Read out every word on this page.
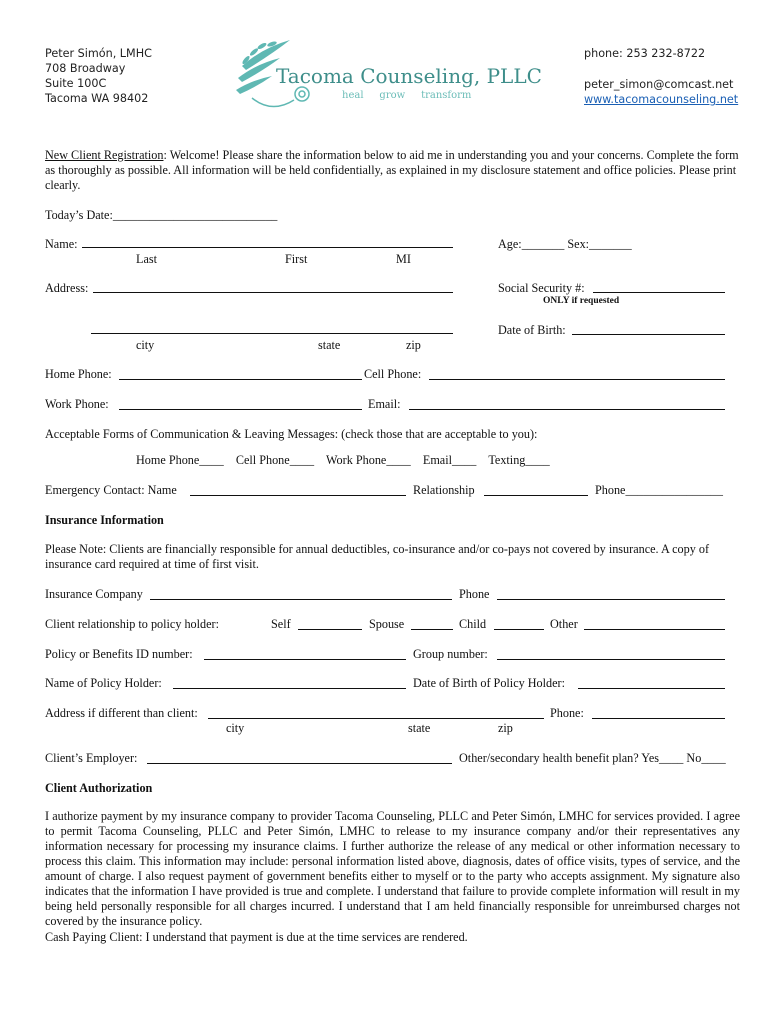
Peter Simón, LMHC
708 Broadway
Suite 100C
Tacoma WA 98402
Tacoma Counseling, PLLC
heal     grow     transform
phone: 253 232-8722
peter_simon@comcast.net
www.tacomacounseling.net
New Client Registration: Welcome! Please share the information below to aid me in understanding you and your concerns. Complete the form as thoroughly as possible. All information will be held confidentially, as explained in my disclosure statement and office policies. Please print clearly.
Today’s Date:___________________________
Name:
Last	First	MI
Age:_______ Sex:_______
Address:	Social Security #:
ONLY if requested
Date of Birth:
city	state	zip
Home Phone:	Cell Phone:
Work Phone:	Email:
Acceptable Forms of Communication & Leaving Messages: (check those that are acceptable to you):
Home Phone____    Cell Phone____    Work Phone____    Email____    Texting____
Emergency Contact: Name	Relationship	Phone________________
Insurance Information
Please Note: Clients are financially responsible for annual deductibles, co-insurance and/or co-pays not covered by insurance. A copy of insurance card required at time of first visit.
Insurance Company	Phone
Client relationship to policy holder:	Self	Spouse	Child	Other
Policy or Benefits ID number:	Group number:
Name of Policy Holder:	Date of Birth of Policy Holder:
Address if different than client:	Phone:
city	state	zip
Client’s Employer:	Other/secondary health benefit plan? Yes____ No____
Client Authorization
I authorize payment by my insurance company to provider Tacoma Counseling, PLLC and Peter Simón, LMHC for services provided. I agree to permit Tacoma Counseling, PLLC and Peter Simón, LMHC to release to my insurance company and/or their representatives any information necessary for processing my insurance claims. I further authorize the release of any medical or other information necessary to process this claim. This information may include: personal information listed above, diagnosis, dates of office visits, types of service, and the amount of charge. I also request payment of government benefits either to myself or to the party who accepts assignment. My signature also indicates that the information I have provided is true and complete. I understand that failure to provide complete information will result in my being held personally responsible for all charges incurred. I understand that I am held financially responsible for unreimbursed charges not covered by the insurance policy.
Cash Paying Client: I understand that payment is due at the time services are rendered.
